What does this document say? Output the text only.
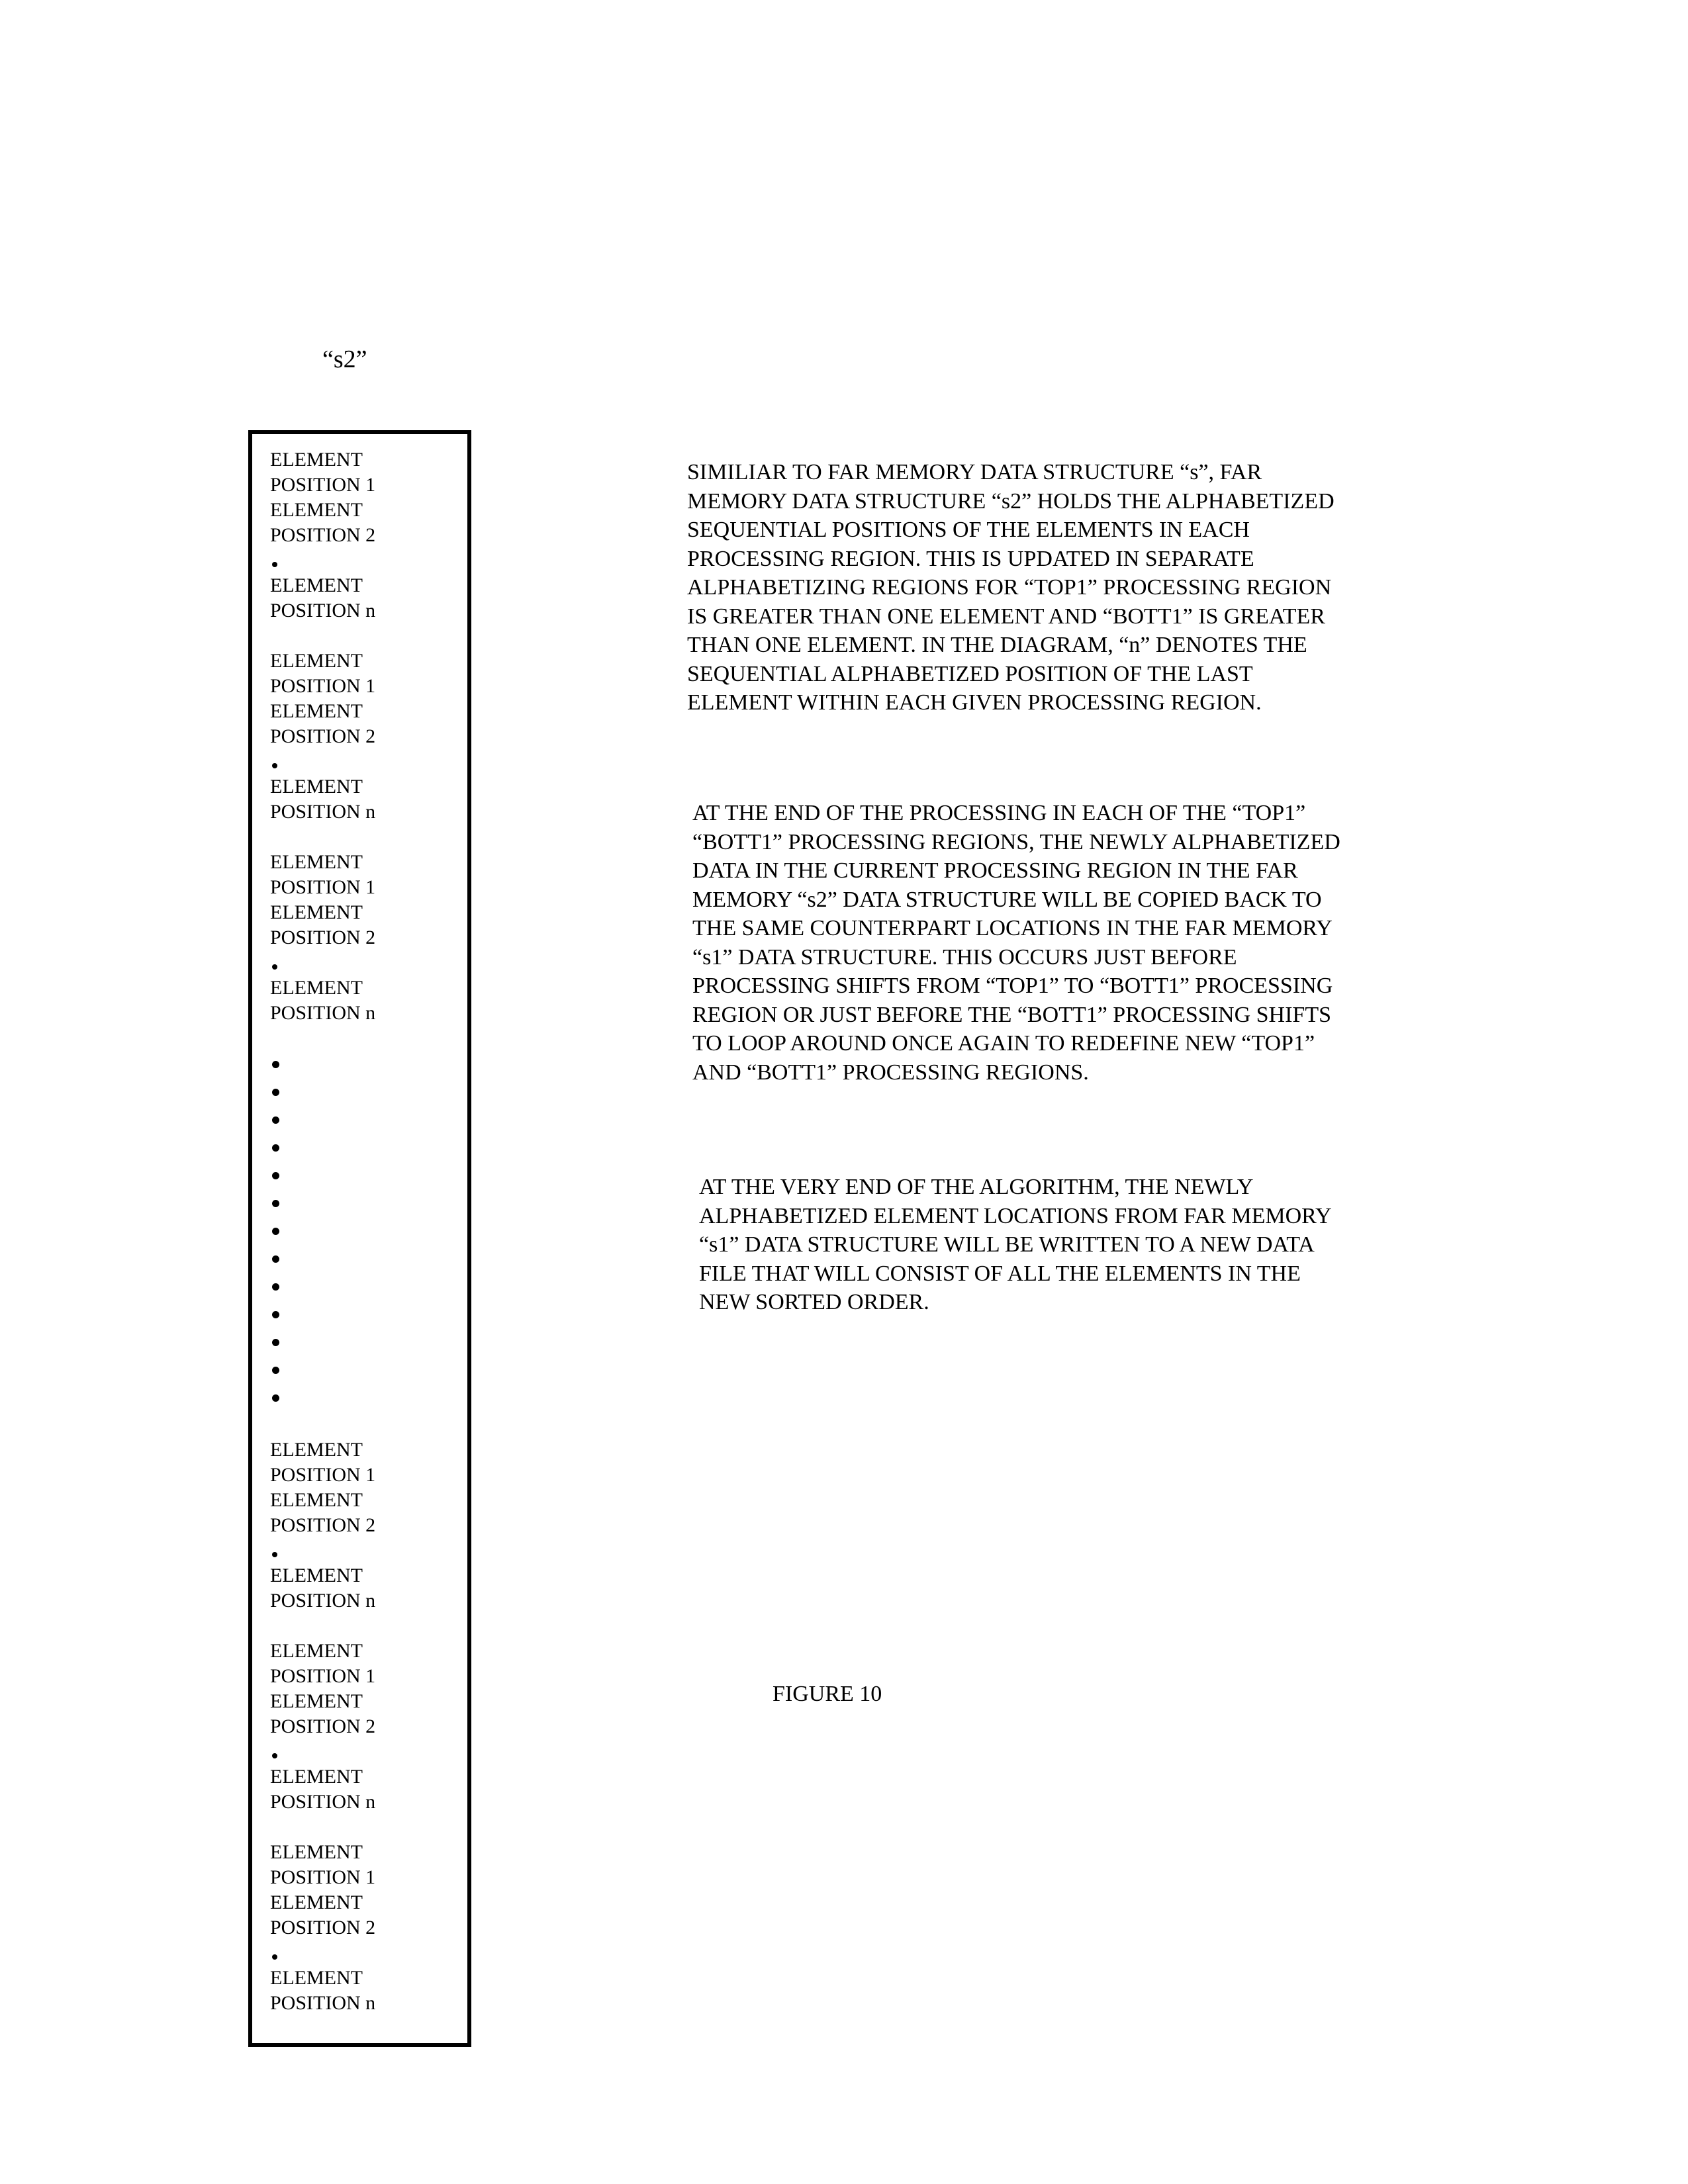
“s2”
ELEMENT
POSITION 1
ELEMENT
POSITION 2
ELEMENT
POSITION n
ELEMENT
POSITION 1
ELEMENT
POSITION 2
ELEMENT
POSITION n
ELEMENT
POSITION 1
ELEMENT
POSITION 2
ELEMENT
POSITION n
ELEMENT
POSITION 1
ELEMENT
POSITION 2
ELEMENT
POSITION n
ELEMENT
POSITION 1
ELEMENT
POSITION 2
ELEMENT
POSITION n
ELEMENT
POSITION 1
ELEMENT
POSITION 2
ELEMENT
POSITION n
SIMILIAR TO FAR MEMORY DATA STRUCTURE “s”, FAR
MEMORY DATA STRUCTURE “s2” HOLDS THE ALPHABETIZED
SEQUENTIAL POSITIONS OF THE ELEMENTS IN EACH
PROCESSING REGION. THIS IS UPDATED IN SEPARATE
ALPHABETIZING REGIONS FOR “TOP1” PROCESSING REGION
IS GREATER THAN ONE ELEMENT AND “BOTT1” IS GREATER
THAN ONE ELEMENT. IN THE DIAGRAM, “n” DENOTES THE
SEQUENTIAL ALPHABETIZED POSITION OF THE LAST
ELEMENT WITHIN EACH GIVEN PROCESSING REGION.
AT THE END OF THE PROCESSING IN EACH OF THE “TOP1”
“BOTT1” PROCESSING REGIONS, THE NEWLY ALPHABETIZED
DATA IN THE CURRENT PROCESSING REGION IN THE FAR
MEMORY “s2” DATA STRUCTURE WILL BE COPIED BACK TO
THE SAME COUNTERPART LOCATIONS IN THE FAR MEMORY
“s1” DATA STRUCTURE. THIS OCCURS JUST BEFORE
PROCESSING SHIFTS FROM “TOP1” TO “BOTT1” PROCESSING
REGION OR JUST BEFORE THE “BOTT1” PROCESSING SHIFTS
TO LOOP AROUND ONCE AGAIN TO REDEFINE NEW “TOP1”
AND “BOTT1” PROCESSING REGIONS.
AT THE VERY END OF THE ALGORITHM, THE NEWLY
ALPHABETIZED ELEMENT LOCATIONS FROM FAR MEMORY
“s1” DATA STRUCTURE WILL BE WRITTEN TO A NEW DATA
FILE THAT WILL CONSIST OF ALL THE ELEMENTS IN THE
NEW SORTED ORDER.
FIGURE 10
